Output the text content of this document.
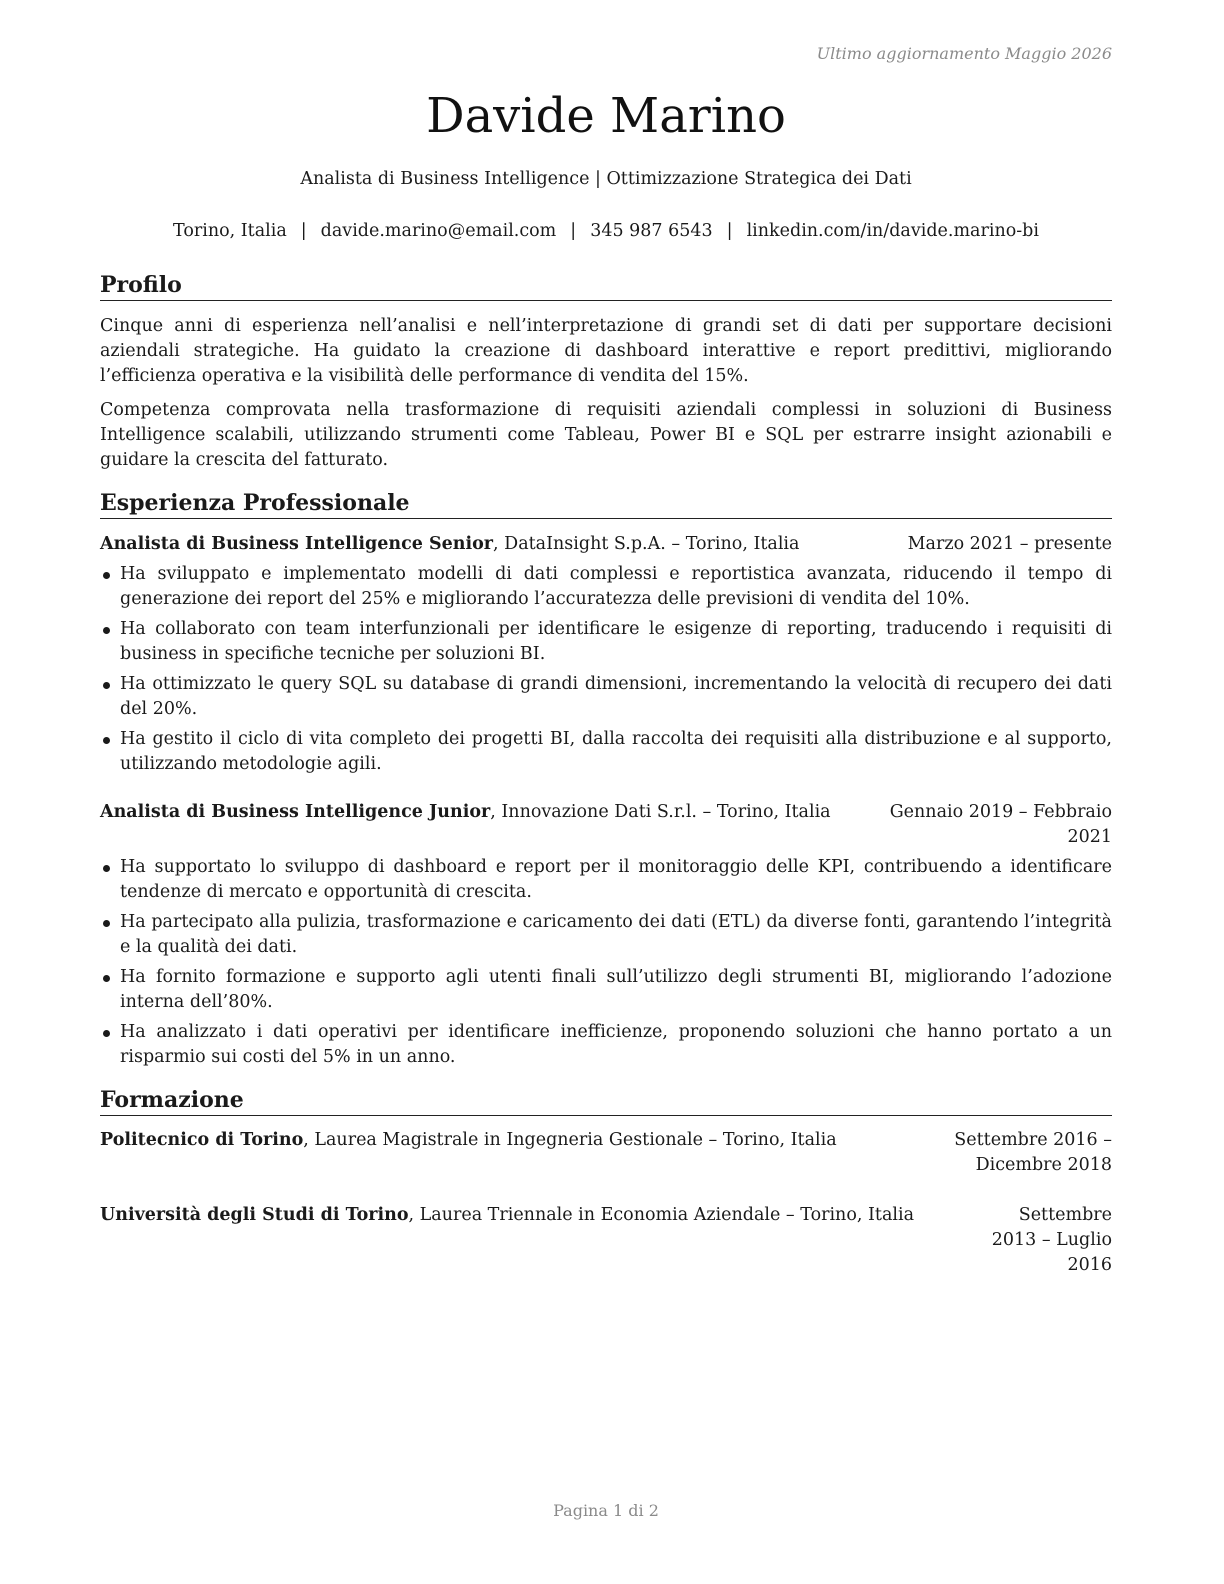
Ultimo aggiornamento Maggio 2026
Davide Marino
Analista di Business Intelligence | Ottimizzazione Strategica dei Dati
Torino, Italia | davide.marino@email.com | 345 987 6543 | linkedin.com/in/davide.marino-bi
Profilo
Cinque anni di esperienza nell’analisi e nell’interpretazione di grandi set di dati per supportare decisioni aziendali strategiche. Ha guidato la creazione di dashboard interattive e report predittivi, migliorando l’efficienza operativa e la visibilità delle performance di vendita del 15%.
Competenza comprovata nella trasformazione di requisiti aziendali complessi in soluzioni di Business Intelligence scalabili, utilizzando strumenti come Tableau, Power BI e SQL per estrarre insight azionabili e guidare la crescita del fatturato.
Esperienza Professionale
Analista di Business Intelligence Senior, DataInsight S.p.A. – Torino, Italia	Marzo 2021 – presente
Ha sviluppato e implementato modelli di dati complessi e reportistica avanzata, riducendo il tempo di generazione dei report del 25% e migliorando l’accuratezza delle previsioni di vendita del 10%.
Ha collaborato con team interfunzionali per identificare le esigenze di reporting, traducendo i requisiti di business in specifiche tecniche per soluzioni BI.
Ha ottimizzato le query SQL su database di grandi dimensioni, incrementando la velocità di recupero dei dati del 20%.
Ha gestito il ciclo di vita completo dei progetti BI, dalla raccolta dei requisiti alla distribuzione e al supporto, utilizzando metodologie agili.
Analista di Business Intelligence Junior, Innovazione Dati S.r.l. – Torino, Italia	Gennaio 2019 – Febbraio 2021
Ha supportato lo sviluppo di dashboard e report per il monitoraggio delle KPI, contribuendo a identificare tendenze di mercato e opportunità di crescita.
Ha partecipato alla pulizia, trasformazione e caricamento dei dati (ETL) da diverse fonti, garantendo l’integrità e la qualità dei dati.
Ha fornito formazione e supporto agli utenti finali sull’utilizzo degli strumenti BI, migliorando l’adozione interna dell’80%.
Ha analizzato i dati operativi per identificare inefficienze, proponendo soluzioni che hanno portato a un risparmio sui costi del 5% in un anno.
Formazione
Politecnico di Torino, Laurea Magistrale in Ingegneria Gestionale – Torino, Italia	Settembre 2016 – Dicembre 2018
Università degli Studi di Torino, Laurea Triennale in Economia Aziendale – Torino, Italia	Settembre 2013 – Luglio 2016
Pagina 1 di 2
